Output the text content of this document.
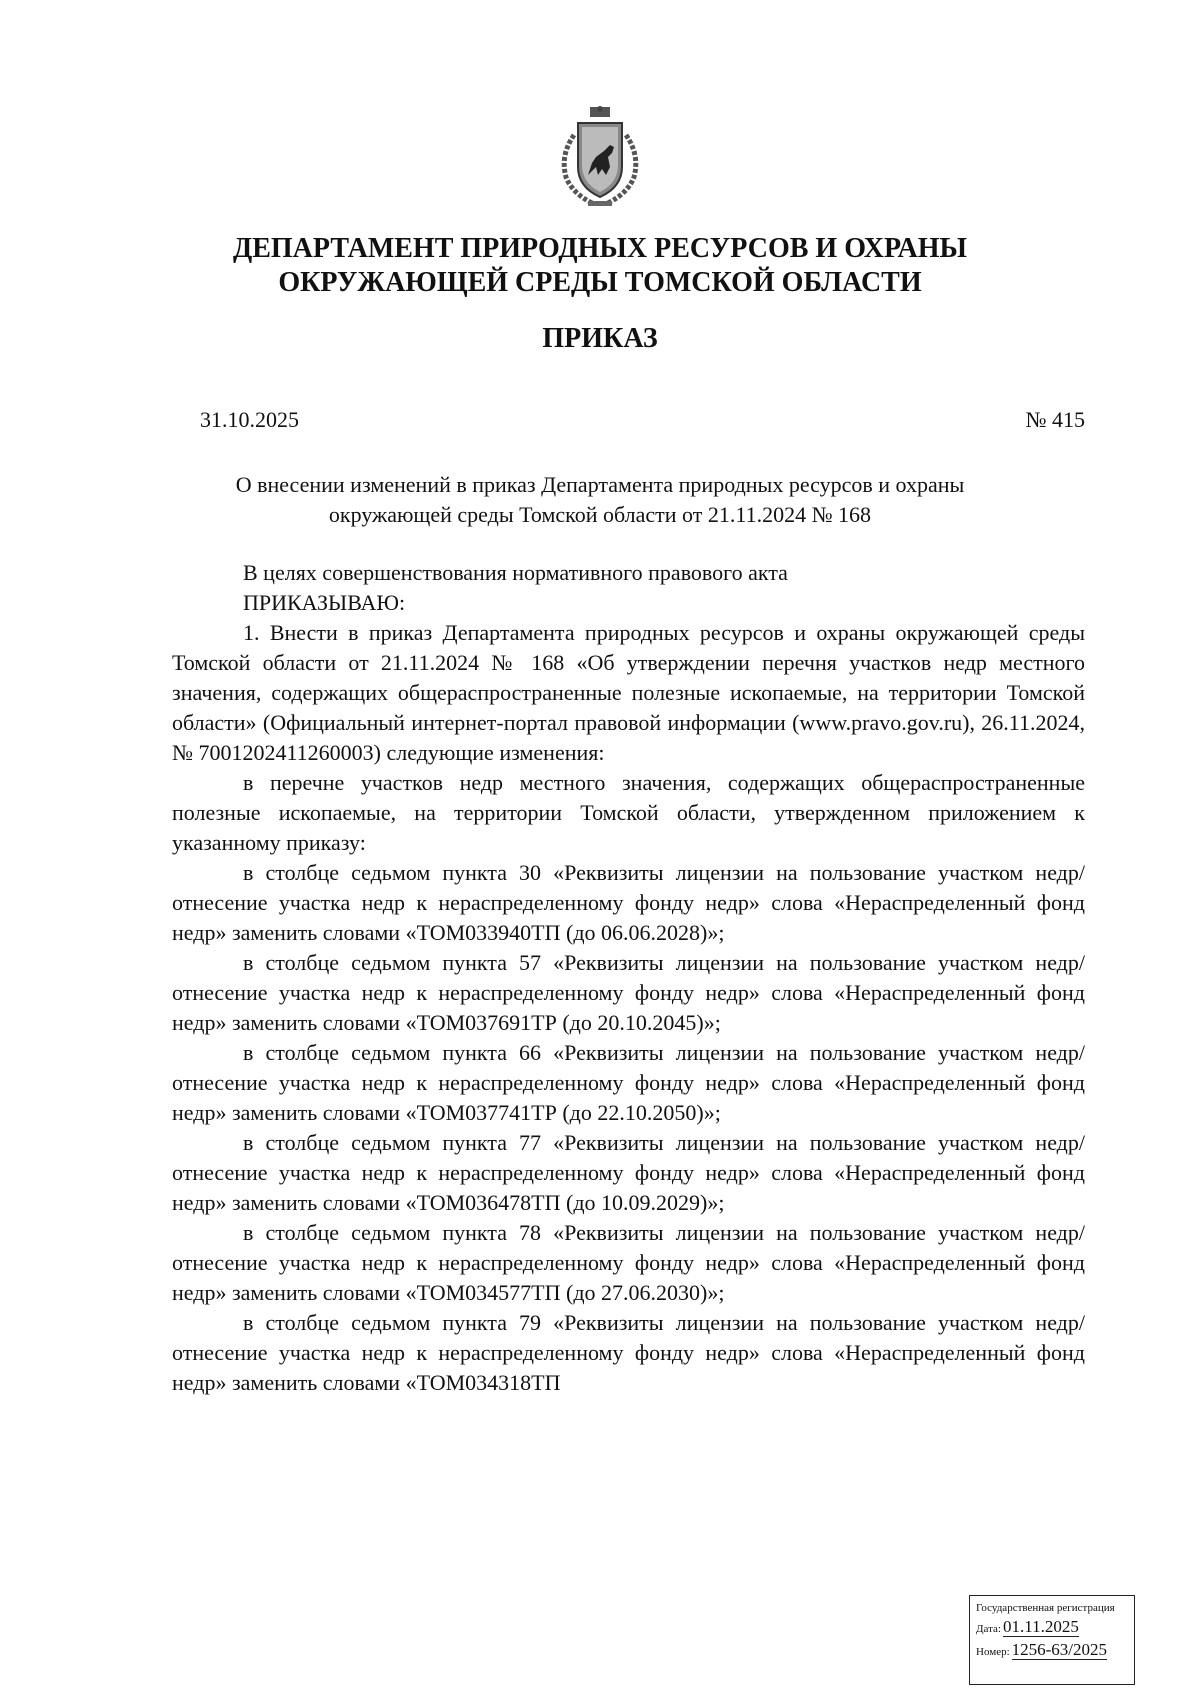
ДЕПАРТАМЕНТ ПРИРОДНЫХ РЕСУРСОВ И ОХРАНЫ
ОКРУЖАЮЩЕЙ СРЕДЫ ТОМСКОЙ ОБЛАСТИ
ПРИКАЗ
31.10.2025	№ 415
О внесении изменений в приказ Департамента природных ресурсов и охраны
окружающей среды Томской области от 21.11.2024 № 168

В целях совершенствования нормативного правового акта

ПРИКАЗЫВАЮ:

1. Внести в приказ Департамента природных ресурсов и охраны окружающей среды Томской области от 21.11.2024 № 168 «Об утверждении перечня участков недр местного значения, содержащих общераспространенные полезные ископаемые, на территории Томской области» (Официальный интернет-портал правовой информации (www.pravo.gov.ru), 26.11.2024, № 7001202411260003) следующие изменения:

в перечне участков недр местного значения, содержащих общераспространенные полезные ископаемые, на территории Томской области, утвержденном приложением к указанному приказу:

в столбце седьмом пункта 30 «Реквизиты лицензии на пользование участком недр/отнесение участка недр к нераспределенному фонду недр» слова «Нераспределенный фонд недр» заменить словами «ТОМ033940ТП (до 06.06.2028)»;

в столбце седьмом пункта 57 «Реквизиты лицензии на пользование участком недр/отнесение участка недр к нераспределенному фонду недр» слова «Нераспределенный фонд недр» заменить словами «ТОМ037691ТР (до 20.10.2045)»;

в столбце седьмом пункта 66 «Реквизиты лицензии на пользование участком недр/отнесение участка недр к нераспределенному фонду недр» слова «Нераспределенный фонд недр» заменить словами «ТОМ037741ТР (до 22.10.2050)»;

в столбце седьмом пункта 77 «Реквизиты лицензии на пользование участком недр/отнесение участка недр к нераспределенному фонду недр» слова «Нераспределенный фонд недр» заменить словами «ТОМ036478ТП (до 10.09.2029)»;

в столбце седьмом пункта 78 «Реквизиты лицензии на пользование участком недр/отнесение участка недр к нераспределенному фонду недр» слова «Нераспределенный фонд недр» заменить словами «ТОМ034577ТП (до 27.06.2030)»;

в столбце седьмом пункта 79 «Реквизиты лицензии на пользование участком недр/отнесение участка недр к нераспределенному фонду недр» слова «Нераспределенный фонд недр» заменить словами «ТОМ034318ТП

Государственная регистрация
Дата: 01.11.2025
Номер: 1256-63/2025
